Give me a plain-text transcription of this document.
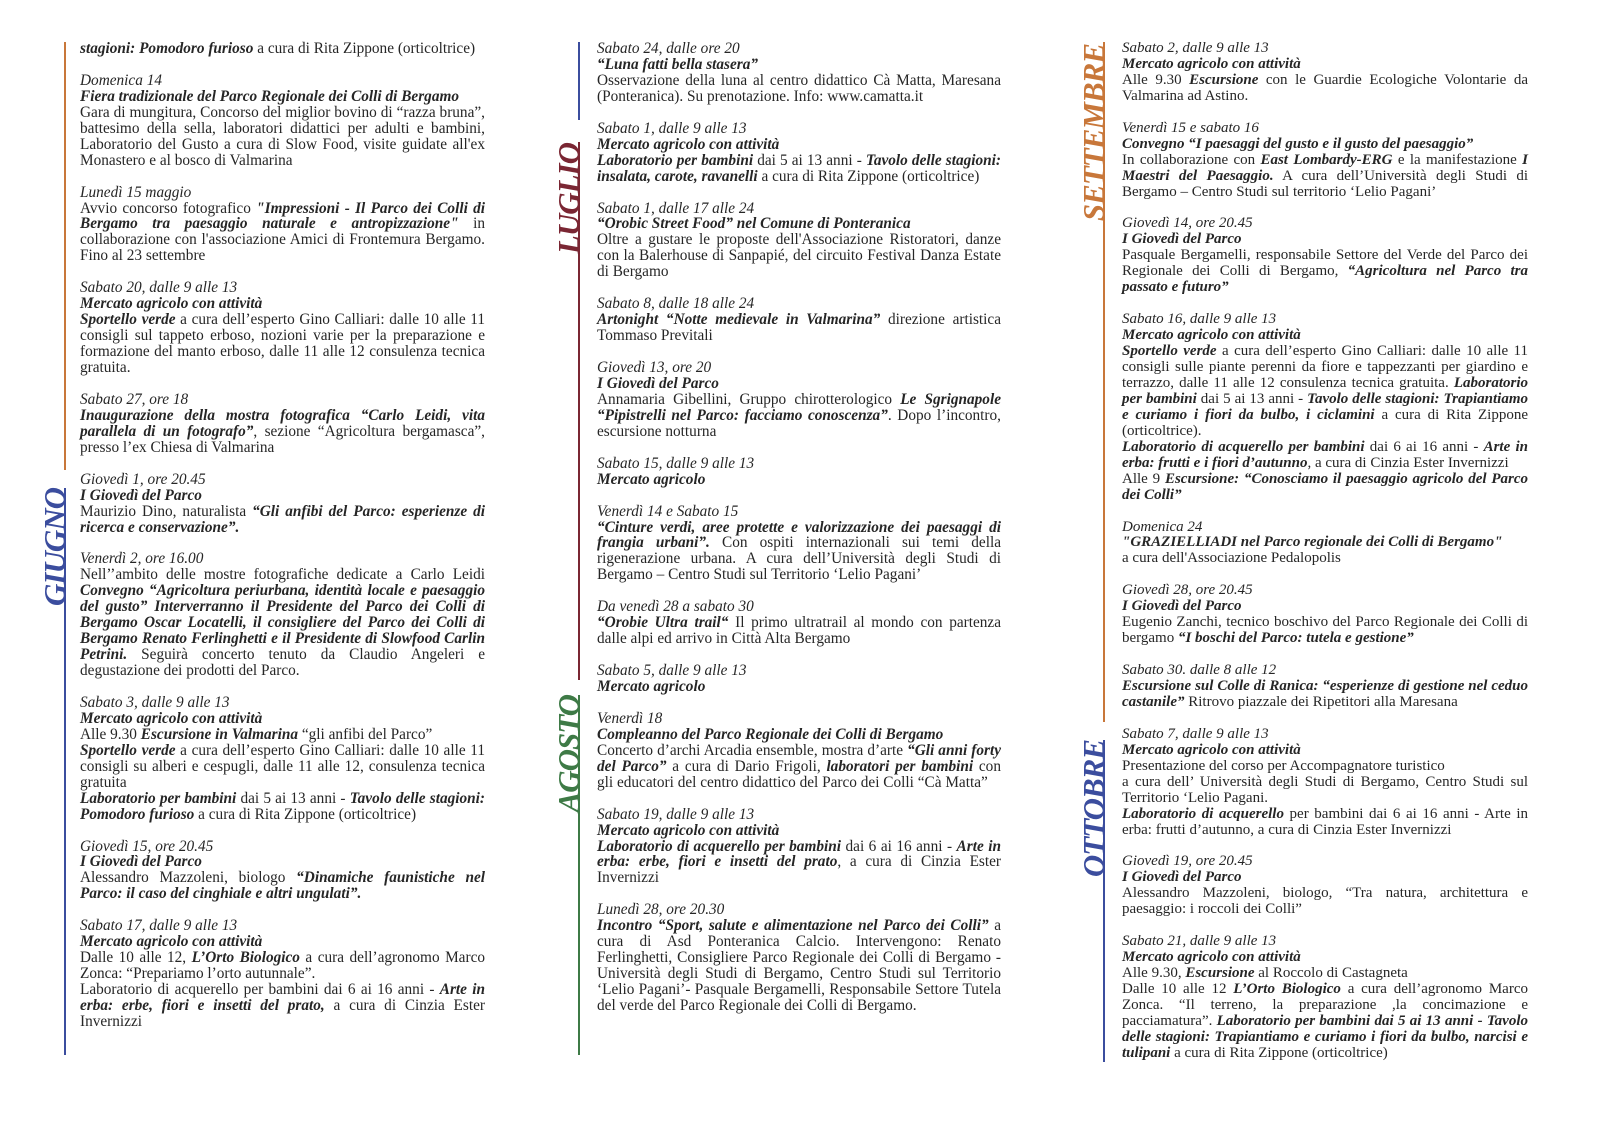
GIUGNO
LUGLIO
AGOSTO
SETTEMBRE
OTTOBRE
stagioni: Pomodoro furioso a cura di Rita Zippone (orticoltrice)
Domenica 14
Fiera tradizionale del Parco Regionale dei Colli di Bergamo
Gara di mungitura, Concorso del miglior bovino di “razza bruna”, battesimo della sella, laboratori didattici per adulti e bambini, Laboratorio del Gusto a cura di Slow Food, visite guidate all'ex Monastero e al bosco di Valmarina
Lunedì 15 maggio
Avvio concorso fotografico "Impressioni - Il Parco dei Colli di Bergamo tra paesaggio naturale e antropizzazione" in collaborazione con l'associazione Amici di Frontemura Bergamo. Fino al 23 settembre
Sabato 20, dalle 9 alle 13
Mercato agricolo con attività
Sportello verde a cura dell’esperto Gino Calliari: dalle 10 alle 11 consigli sul tappeto erboso, nozioni varie per la preparazione e formazione del manto erboso, dalle 11 alle 12 consulenza tecnica gratuita.
Sabato 27, ore 18
Inaugurazione della mostra fotografica “Carlo Leidi, vita parallela di un fotografo”, sezione “Agricoltura bergamasca”, presso l’ex Chiesa di Valmarina
Giovedì 1, ore 20.45
I Giovedì del Parco
Maurizio Dino, naturalista “Gli anfibi del Parco: esperienze di ricerca e conservazione”.
Venerdì 2, ore 16.00
Nell’’ambito delle mostre fotografiche dedicate a Carlo Leidi Convegno “Agricoltura periurbana, identità locale e paesaggio del gusto” Interverranno il Presidente del Parco dei Colli di Bergamo Oscar Locatelli, il consigliere del Parco dei Colli di Bergamo Renato Ferlinghetti e il Presidente di Slowfood Carlin Petrini. Seguirà concerto tenuto da Claudio Angeleri e degustazione dei prodotti del Parco.
Sabato 3, dalle 9 alle 13
Mercato agricolo con attività
Alle 9.30 Escursione in Valmarina “gli anfibi del Parco”
Sportello verde a cura dell’esperto Gino Calliari: dalle 10 alle 11 consigli su alberi e cespugli, dalle 11 alle 12, consulenza tecnica gratuita
Laboratorio per bambini dai 5 ai 13 anni - Tavolo delle stagioni: Pomodoro furioso a cura di Rita Zippone (orticoltrice)
Giovedì 15, ore 20.45
I Giovedì del Parco
Alessandro Mazzoleni, biologo “Dinamiche faunistiche nel Parco: il caso del cinghiale e altri ungulati”.
Sabato 17, dalle 9 alle 13
Mercato agricolo con attività
Dalle 10 alle 12, L’Orto Biologico a cura dell’agronomo Marco Zonca: “Prepariamo l’orto autunnale”.
Laboratorio di acquerello per bambini dai 6 ai 16 anni - Arte in erba: erbe, fiori e insetti del prato, a cura di Cinzia Ester Invernizzi
Sabato 24, dalle ore 20
“Luna fatti bella stasera”
Osservazione della luna al centro didattico Cà Matta, Maresana (Ponteranica). Su prenotazione. Info: www.camatta.it
Sabato 1, dalle 9 alle 13
Mercato agricolo con attività
Laboratorio per bambini dai 5 ai 13 anni - Tavolo delle stagioni: insalata, carote, ravanelli a cura di Rita Zippone (orticoltrice)
Sabato 1, dalle 17 alle 24
“Orobic Street Food” nel Comune di Ponteranica
Oltre a gustare le proposte dell'Associazione Ristoratori, danze con la Balerhouse di Sanpapié, del circuito Festival Danza Estate di Bergamo
Sabato 8, dalle 18 alle 24
Artonight “Notte medievale in Valmarina” direzione artistica Tommaso Previtali
Giovedì 13, ore 20
I Giovedì del Parco
Annamaria Gibellini, Gruppo chirotterologico Le Sgrignapole “Pipistrelli nel Parco: facciamo conoscenza”. Dopo l’incontro, escursione notturna
Sabato 15, dalle 9 alle 13
Mercato agricolo
Venerdì 14 e Sabato 15
“Cinture verdi, aree protette e valorizzazione dei paesaggi di frangia urbani”. Con ospiti internazionali sui temi della rigenerazione urbana. A cura dell’Università degli Studi di Bergamo – Centro Studi sul Territorio ‘Lelio Pagani’
Da venedì 28 a sabato 30
“Orobie Ultra trail“ Il primo ultratrail al mondo con partenza dalle alpi ed arrivo in Città Alta Bergamo
Sabato 5, dalle 9 alle 13
Mercato agricolo
Venerdì 18
Compleanno del Parco Regionale dei Colli di Bergamo
Concerto d’archi Arcadia ensemble, mostra d’arte “Gli anni forty del Parco” a cura di Dario Frigoli, laboratori per bambini con gli educatori del centro didattico del Parco dei Colli “Cà Matta”
Sabato 19, dalle 9 alle 13
Mercato agricolo con attività
Laboratorio di acquerello per bambini dai 6 ai 16 anni - Arte in erba: erbe, fiori e insetti del prato, a cura di Cinzia Ester Invernizzi
Lunedì 28, ore 20.30
Incontro “Sport, salute e alimentazione nel Parco dei Colli” a cura di Asd Ponteranica Calcio. Intervengono: Renato Ferlinghetti, Consigliere Parco Regionale dei Colli di Bergamo - Università degli Studi di Bergamo, Centro Studi sul Territorio ‘Lelio Pagani’- Pasquale Bergamelli, Responsabile Settore Tutela del verde del Parco Regionale dei Colli di Bergamo.
Sabato 2, dalle 9 alle 13
Mercato agricolo con attività
Alle 9.30 Escursione con le Guardie Ecologiche Volontarie da Valmarina ad Astino.
Venerdì 15 e sabato 16
Convegno “I paesaggi del gusto e il gusto del paesaggio”
In collaborazione con East Lombardy-ERG e la manifestazione I Maestri del Paesaggio. A cura dell’Università degli Studi di Bergamo – Centro Studi sul territorio ‘Lelio Pagani’
Giovedì 14, ore 20.45
I Giovedì del Parco
Pasquale Bergamelli, responsabile Settore del Verde del Parco dei Regionale dei Colli di Bergamo, “Agricoltura nel Parco tra passato e futuro”
Sabato 16, dalle 9 alle 13
Mercato agricolo con attività
Sportello verde a cura dell’esperto Gino Calliari: dalle 10 alle 11 consigli sulle piante perenni da fiore e tappezzanti per giardino e terrazzo, dalle 11 alle 12 consulenza tecnica gratuita. Laboratorio per bambini dai 5 ai 13 anni - Tavolo delle stagioni: Trapiantiamo e curiamo i fiori da bulbo, i ciclamini a cura di Rita Zippone (orticoltrice).
Laboratorio di acquerello per bambini dai 6 ai 16 anni - Arte in erba: frutti e i fiori d’autunno, a cura di Cinzia Ester Invernizzi
Alle 9 Escursione: “Conosciamo il paesaggio agricolo del Parco dei Colli”
Domenica 24
"GRAZIELLIADI nel Parco regionale dei Colli di Bergamo"
a cura dell'Associazione Pedalopolis
Giovedì 28, ore 20.45
I Giovedì del Parco
Eugenio Zanchi, tecnico boschivo del Parco Regionale dei Colli di bergamo “I boschi del Parco: tutela e gestione”
Sabato 30. dalle 8 alle 12
Escursione sul Colle di Ranica: “esperienze di gestione nel ceduo castanile” Ritrovo piazzale dei Ripetitori alla Maresana
Sabato 7, dalle 9 alle 13
Mercato agricolo con attività
Presentazione del corso per Accompagnatore turistico
a cura dell’ Università degli Studi di Bergamo, Centro Studi sul Territorio ‘Lelio Pagani.
Laboratorio di acquerello per bambini dai 6 ai 16 anni - Arte in erba: frutti d’autunno, a cura di Cinzia Ester Invernizzi
Giovedì 19, ore 20.45
I Giovedì del Parco
Alessandro Mazzoleni, biologo, “Tra natura, architettura e paesaggio: i roccoli dei Colli”
Sabato 21, dalle 9 alle 13
Mercato agricolo con attività
Alle 9.30, Escursione al Roccolo di Castagneta
Dalle 10 alle 12 L’Orto Biologico a cura dell’agronomo Marco Zonca. “Il terreno, la preparazione ,la concimazione e pacciamatura”. Laboratorio per bambini dai 5 ai 13 anni - Tavolo delle stagioni: Trapiantiamo e curiamo i fiori da bulbo, narcisi e tulipani a cura di Rita Zippone (orticoltrice)
